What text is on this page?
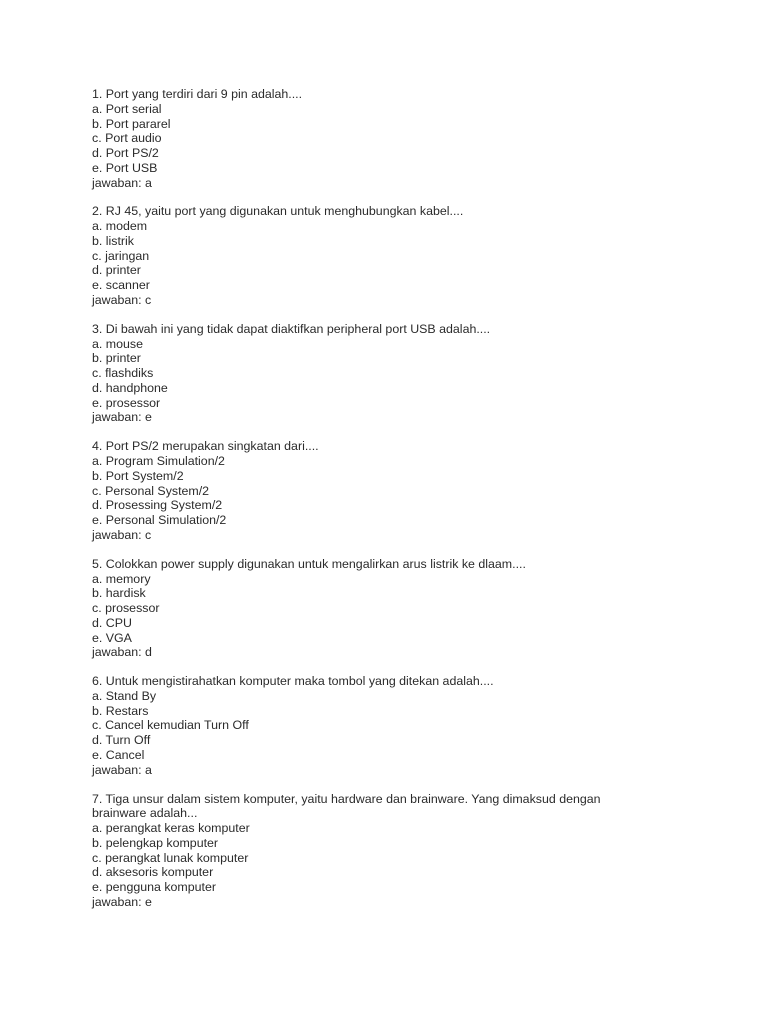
1. Port yang terdiri dari 9 pin adalah....
a. Port serial
b. Port pararel
c. Port audio
d. Port PS/2
e. Port USB
jawaban: a
2. RJ 45, yaitu port yang digunakan untuk menghubungkan kabel....
a. modem
b. listrik
c. jaringan
d. printer
e. scanner
jawaban: c
3. Di bawah ini yang tidak dapat diaktifkan peripheral port USB adalah....
a. mouse
b. printer
c. flashdiks
d. handphone
e. prosessor
jawaban: e
4. Port PS/2 merupakan singkatan dari....
a. Program Simulation/2
b. Port System/2
c. Personal System/2
d. Prosessing System/2
e. Personal Simulation/2
jawaban: c
5. Colokkan power supply digunakan untuk mengalirkan arus listrik ke dlaam....
a. memory
b. hardisk
c. prosessor
d. CPU
e. VGA
jawaban: d
6. Untuk mengistirahatkan komputer maka tombol yang ditekan adalah....
a. Stand By
b. Restars
c. Cancel kemudian Turn Off
d. Turn Off
e. Cancel
jawaban: a
7. Tiga unsur dalam sistem komputer, yaitu hardware dan brainware. Yang dimaksud dengan
brainware adalah...
a. perangkat keras komputer
b. pelengkap komputer
c. perangkat lunak komputer
d. aksesoris komputer
e. pengguna komputer
jawaban: e
